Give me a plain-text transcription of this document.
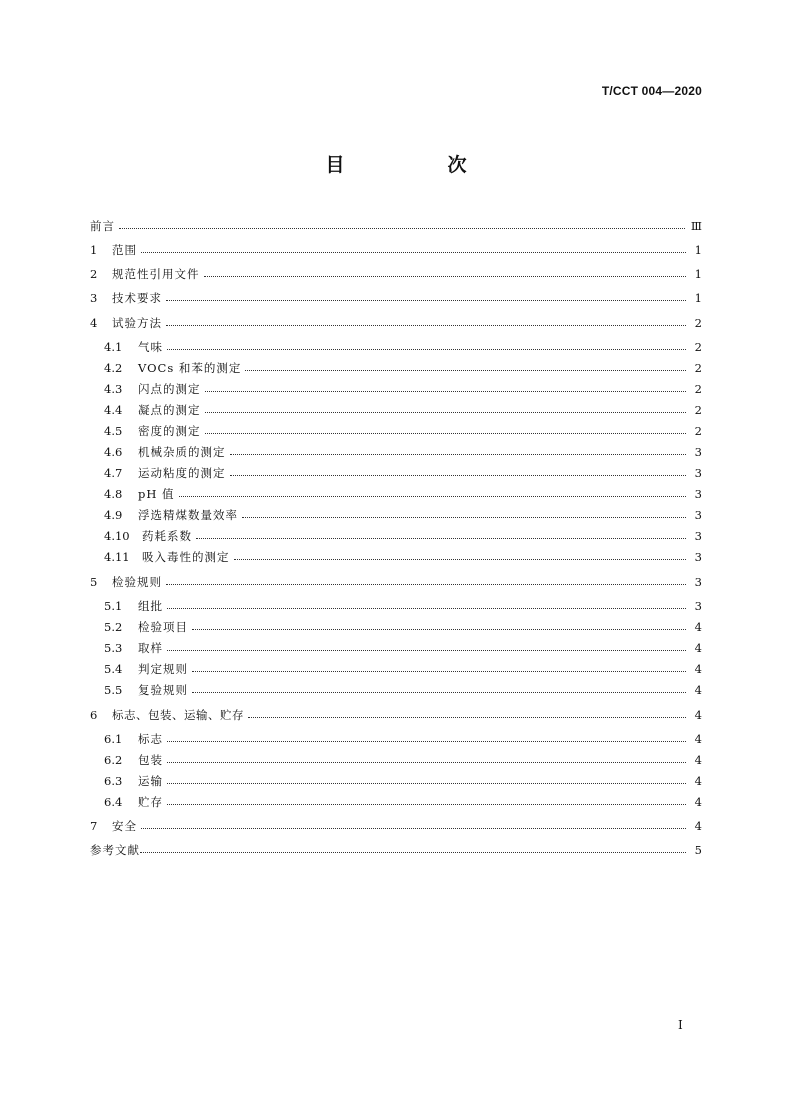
T/CCT 004—2020
目　次
前言	Ⅲ
1	范围	1
2	规范性引用文件	1
3	技术要求	1
4	试验方法	2
4.1	气味	2
4.2	VOCs 和苯的测定	2
4.3	闪点的测定	2
4.4	凝点的测定	2
4.5	密度的测定	2
4.6	机械杂质的测定	3
4.7	运动粘度的测定	3
4.8	pH 值	3
4.9	浮选精煤数量效率	3
4.10	药耗系数	3
4.11	吸入毒性的测定	3
5	检验规则	3
5.1	组批	3
5.2	检验项目	4
5.3	取样	4
5.4	判定规则	4
5.5	复验规则	4
6	标志、包装、运输、贮存	4
6.1	标志	4
6.2	包装	4
6.3	运输	4
6.4	贮存	4
7	安全	4
参考文献	5
I
